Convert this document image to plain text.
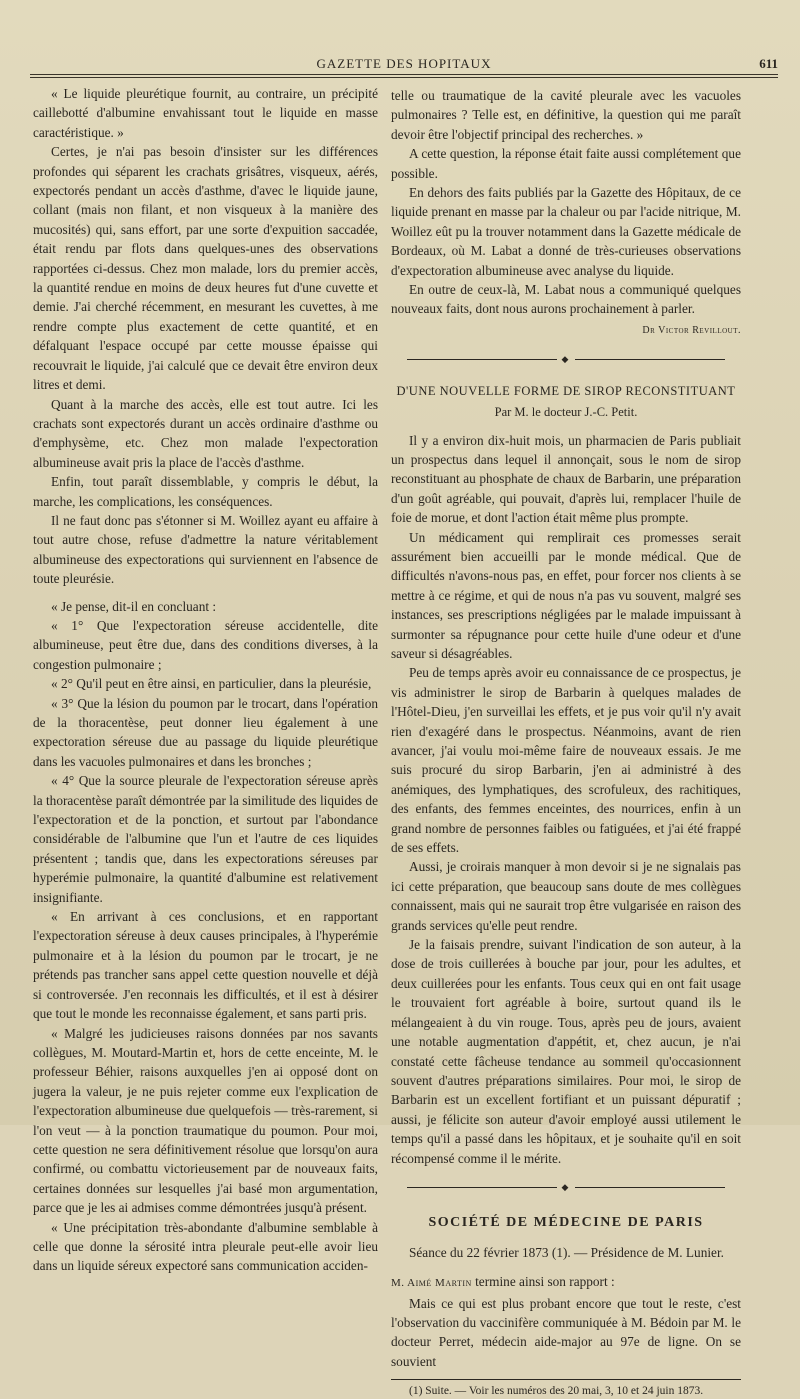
GAZETTE DES HOPITAUX	611

« Le liquide pleurétique fournit, au contraire, un précipité caillebotté d'albumine envahissant tout le liquide en masse caractéristique. »

Certes, je n'ai pas besoin d'insister sur les différences profondes qui séparent les crachats grisâtres, visqueux, aérés, expectorés pendant un accès d'asthme, d'avec le liquide jaune, collant (mais non filant, et non visqueux à la manière des mucosités) qui, sans effort, par une sorte d'expuition saccadée, était rendu par flots dans quelques-unes des observations rapportées ci-dessus. Chez mon malade, lors du premier accès, la quantité rendue en moins de deux heures fut d'une cuvette et demie. J'ai cherché récemment, en mesurant les cuvettes, à me rendre compte plus exactement de cette quantité, et en défalquant l'espace occupé par cette mousse épaisse qui recouvrait le liquide, j'ai calculé que ce devait être environ deux litres et demi.

Quant à la marche des accès, elle est tout autre. Ici les crachats sont expectorés durant un accès ordinaire d'asthme ou d'emphysème, etc. Chez mon malade l'expectoration albumineuse avait pris la place de l'accès d'asthme.

Enfin, tout paraît dissemblable, y compris le début, la marche, les complications, les conséquences.

Il ne faut donc pas s'étonner si M. Woillez ayant eu affaire à tout autre chose, refuse d'admettre la nature véritablement albumineuse des expectorations qui surviennent en l'absence de toute pleurésie.

« Je pense, dit-il en concluant :

« 1° Que l'expectoration séreuse accidentelle, dite albumineuse, peut être due, dans des conditions diverses, à la congestion pulmonaire ;

« 2° Qu'il peut en être ainsi, en particulier, dans la pleurésie,

« 3° Que la lésion du poumon par le trocart, dans l'opération de la thoracentèse, peut donner lieu également à une expectoration séreuse due au passage du liquide pleurétique dans les vacuoles pulmonaires et dans les bronches ;

« 4° Que la source pleurale de l'expectoration séreuse après la thoracentèse paraît démontrée par la similitude des liquides de l'expectoration et de la ponction, et surtout par l'abondance considérable de l'albumine que l'un et l'autre de ces liquides présentent ; tandis que, dans les expectorations séreuses par hyperémie pulmonaire, la quantité d'albumine est relativement insignifiante.

« En arrivant à ces conclusions, et en rapportant l'expectoration séreuse à deux causes principales, à l'hyperémie pulmonaire et à la lésion du poumon par le trocart, je ne prétends pas trancher sans appel cette question nouvelle et déjà si controversée. J'en reconnais les difficultés, et il est à désirer que tout le monde les reconnaisse également, et sans parti pris.

« Malgré les judicieuses raisons données par nos savants collègues, M. Moutard-Martin et, hors de cette enceinte, M. le professeur Béhier, raisons auxquelles j'en ai opposé dont on jugera la valeur, je ne puis rejeter comme eux l'explication de l'expectoration albumineuse due quelquefois — très-rarement, si l'on veut — à la ponction traumatique du poumon. Pour moi, cette question ne sera définitivement résolue que lorsqu'on aura confirmé, ou combattu victorieusement par de nouveaux faits, certaines données sur lesquelles j'ai basé mon argumentation, parce que je les ai admises comme démontrées jusqu'à présent.

« Une précipitation très-abondante d'albumine semblable à celle que donne la sérosité intra pleurale peut-elle avoir lieu dans un liquide séreux expectoré sans communication acciden-

telle ou traumatique de la cavité pleurale avec les vacuoles pulmonaires ? Telle est, en définitive, la question qui me paraît devoir être l'objectif principal des recherches. »

A cette question, la réponse était faite aussi complétement que possible.

En dehors des faits publiés par la Gazette des Hôpitaux, de ce liquide prenant en masse par la chaleur ou par l'acide nitrique, M. Woillez eût pu la trouver notamment dans la Gazette médicale de Bordeaux, où M. Labat a donné de très-curieuses observations d'expectoration albumineuse avec analyse du liquide.

En outre de ceux-là, M. Labat nous a communiqué quelques nouveaux faits, dont nous aurons prochainement à parler.

Dr Victor Revillout.
◆
D'UNE NOUVELLE FORME DE SIROP RECONSTITUANT
Par M. le docteur J.-C. Petit.

Il y a environ dix-huit mois, un pharmacien de Paris publiait un prospectus dans lequel il annonçait, sous le nom de sirop reconstituant au phosphate de chaux de Barbarin, une préparation d'un goût agréable, qui pouvait, d'après lui, remplacer l'huile de foie de morue, et dont l'action était même plus prompte.

Un médicament qui remplirait ces promesses serait assurément bien accueilli par le monde médical. Que de difficultés n'avons-nous pas, en effet, pour forcer nos clients à se mettre à ce régime, et qui de nous n'a pas vu souvent, malgré ses instances, ses prescriptions négligées par le malade impuissant à surmonter sa répugnance pour cette huile d'une odeur et d'une saveur si désagréables.

Peu de temps après avoir eu connaissance de ce prospectus, je vis administrer le sirop de Barbarin à quelques malades de l'Hôtel-Dieu, j'en surveillai les effets, et je pus voir qu'il n'y avait rien d'exagéré dans le prospectus. Néanmoins, avant de rien avancer, j'ai voulu moi-même faire de nouveaux essais. Je me suis procuré du sirop Barbarin, j'en ai administré à des anémiques, des lymphatiques, des scrofuleux, des rachitiques, des enfants, des femmes enceintes, des nourrices, enfin à un grand nombre de personnes faibles ou fatiguées, et j'ai été frappé de ses effets.

Aussi, je croirais manquer à mon devoir si je ne signalais pas ici cette préparation, que beaucoup sans doute de mes collègues connaissent, mais qui ne saurait trop être vulgarisée en raison des grands services qu'elle peut rendre.

Je la faisais prendre, suivant l'indication de son auteur, à la dose de trois cuillerées à bouche par jour, pour les adultes, et deux cuillerées pour les enfants. Tous ceux qui en ont fait usage le trouvaient fort agréable à boire, surtout quand ils le mélangeaient à du vin rouge. Tous, après peu de jours, avaient une notable augmentation d'appétit, et, chez aucun, je n'ai constaté cette fâcheuse tendance au sommeil qu'occasionnent souvent d'autres préparations similaires. Pour moi, le sirop de Barbarin est un excellent fortifiant et un puissant dépuratif ; aussi, je félicite son auteur d'avoir employé aussi utilement le temps qu'il a passé dans les hôpitaux, et je souhaite qu'il en soit récompensé comme il le mérite.

◆
SOCIÉTÉ DE MÉDECINE DE PARIS

Séance du 22 février 1873 (1). — Présidence de M. Lunier.

M. Aimé Martin termine ainsi son rapport :

Mais ce qui est plus probant encore que tout le reste, c'est l'observation du vaccinifère communiquée à M. Bédoin par M. le docteur Perret, médecin aide-major au 97e de ligne. On se souvient

(1) Suite. — Voir les numéros des 20 mai, 3, 10 et 24 juin 1873.
